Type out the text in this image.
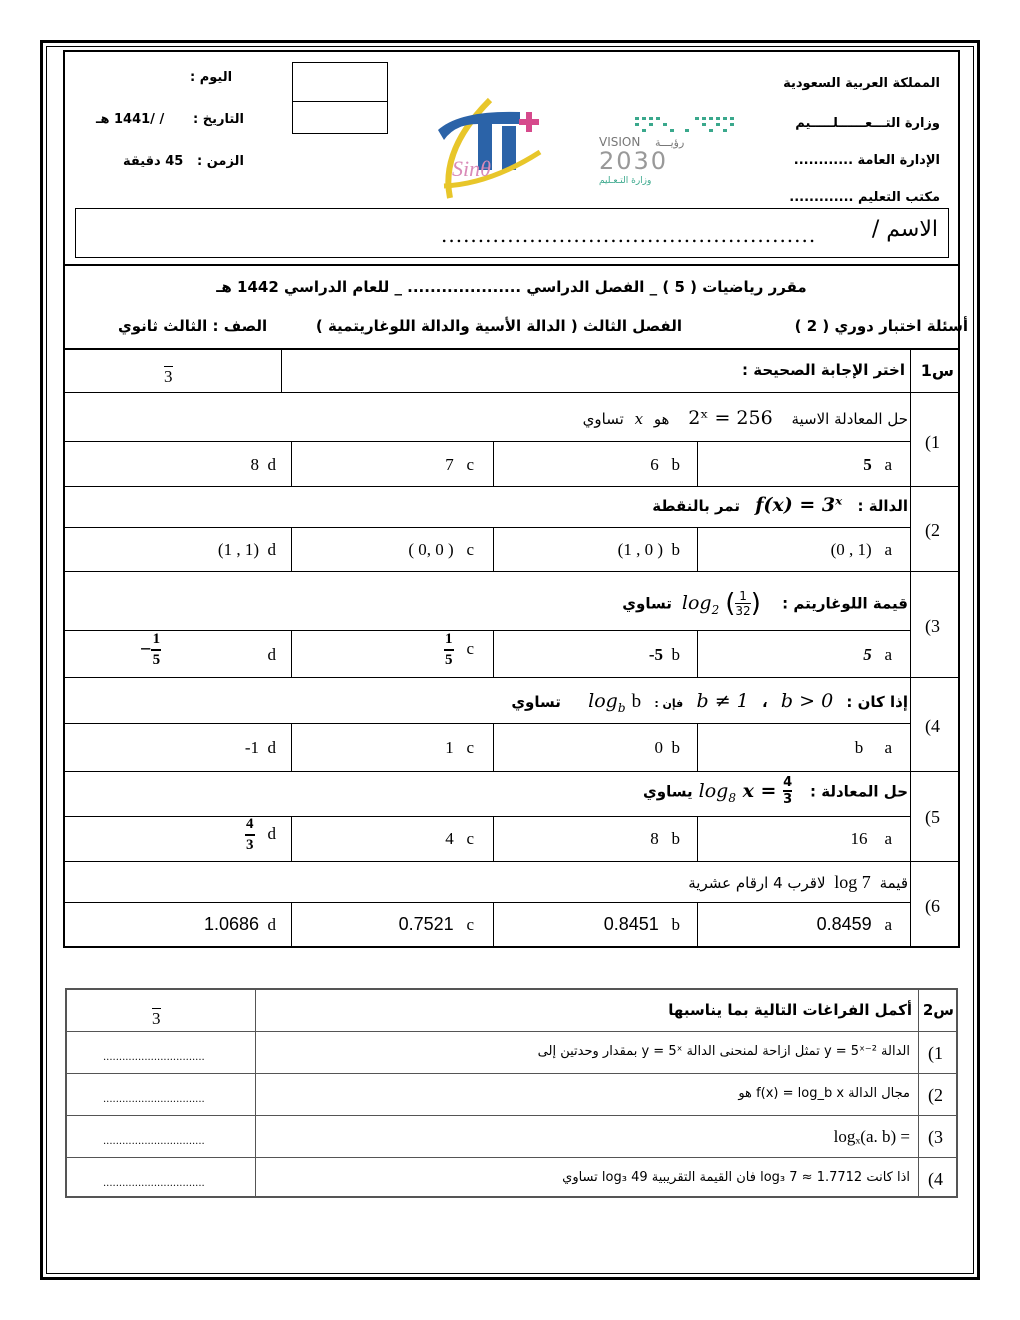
المملكة العربية السعودية
وزارة التـــعــــــلـــــيم
الإدارة العامة ............
مكتب التعليم .............
اليوم :
التاريخ :
/ /1441 هـ
الزمن :
45 دقيقة	Sinθ
VISION رؤيـــة
2030
وزارة التـعـليم
الاسم /
...................................................
مقرر رياضيات ( 5 ) _ الفصل الدراسي .................... _ للعام الدراسي 1442 هـ
أسئلة اختبار دوري ( 2 )
الفصل الثالث ( الدالة الأسية والدالة اللوغاريتمية )
الصف : الثالث ثانوي
س1
اختر الإجابة الصحيحة :
3
(1
حل المعادلة الاسية 2ˣ = 256 هو x تساوي
(2
الدالة : f(x) = 3ˣ تمر بالنقطة
(3
قيمة اللوغاريتم : $\log_2$ ( $\frac{1}{32}$ ) تساوي
(4
إذا كان : b > 0 ، b ≠ 1 فإن : $\log_b b$ تساوي
(5
حل المعادلة : $\log_8 x = \frac{4}{3}$
يساوي
(6
قيمة log 7 لاقرب 4 ارقام عشرية
5 a
6 b
7 c
8 d
(0 , 1) a
(1 , 0 ) b
( 0, 0 ) c
(1 , 1) d
5 a
-5 b
$\frac{1}{5}$ c
d
− $\frac{1}{5}$
b a
0 b
1 c
-1 d
16 a
8 b
4 c
$\frac{4}{3}$ d
0.8459 a
0.8451 b
0.7521 c
1.0686 d
س2
أكمل الفراغات التالية بما يناسبها
3
(1
الدالة y = 5ˣ⁻² تمثل ازاحة لمنحنى الدالة y = 5ˣ بمقدار وحدتين إلى
................................
(2
مجال الدالة f(x) = log_b x هو
................................
(3
= logₓ(a. b)
................................
(4
اذا كانت log₃ 7 ≈ 1.7712 فان القيمة التقريبية log₃ 49 تساوي
................................
